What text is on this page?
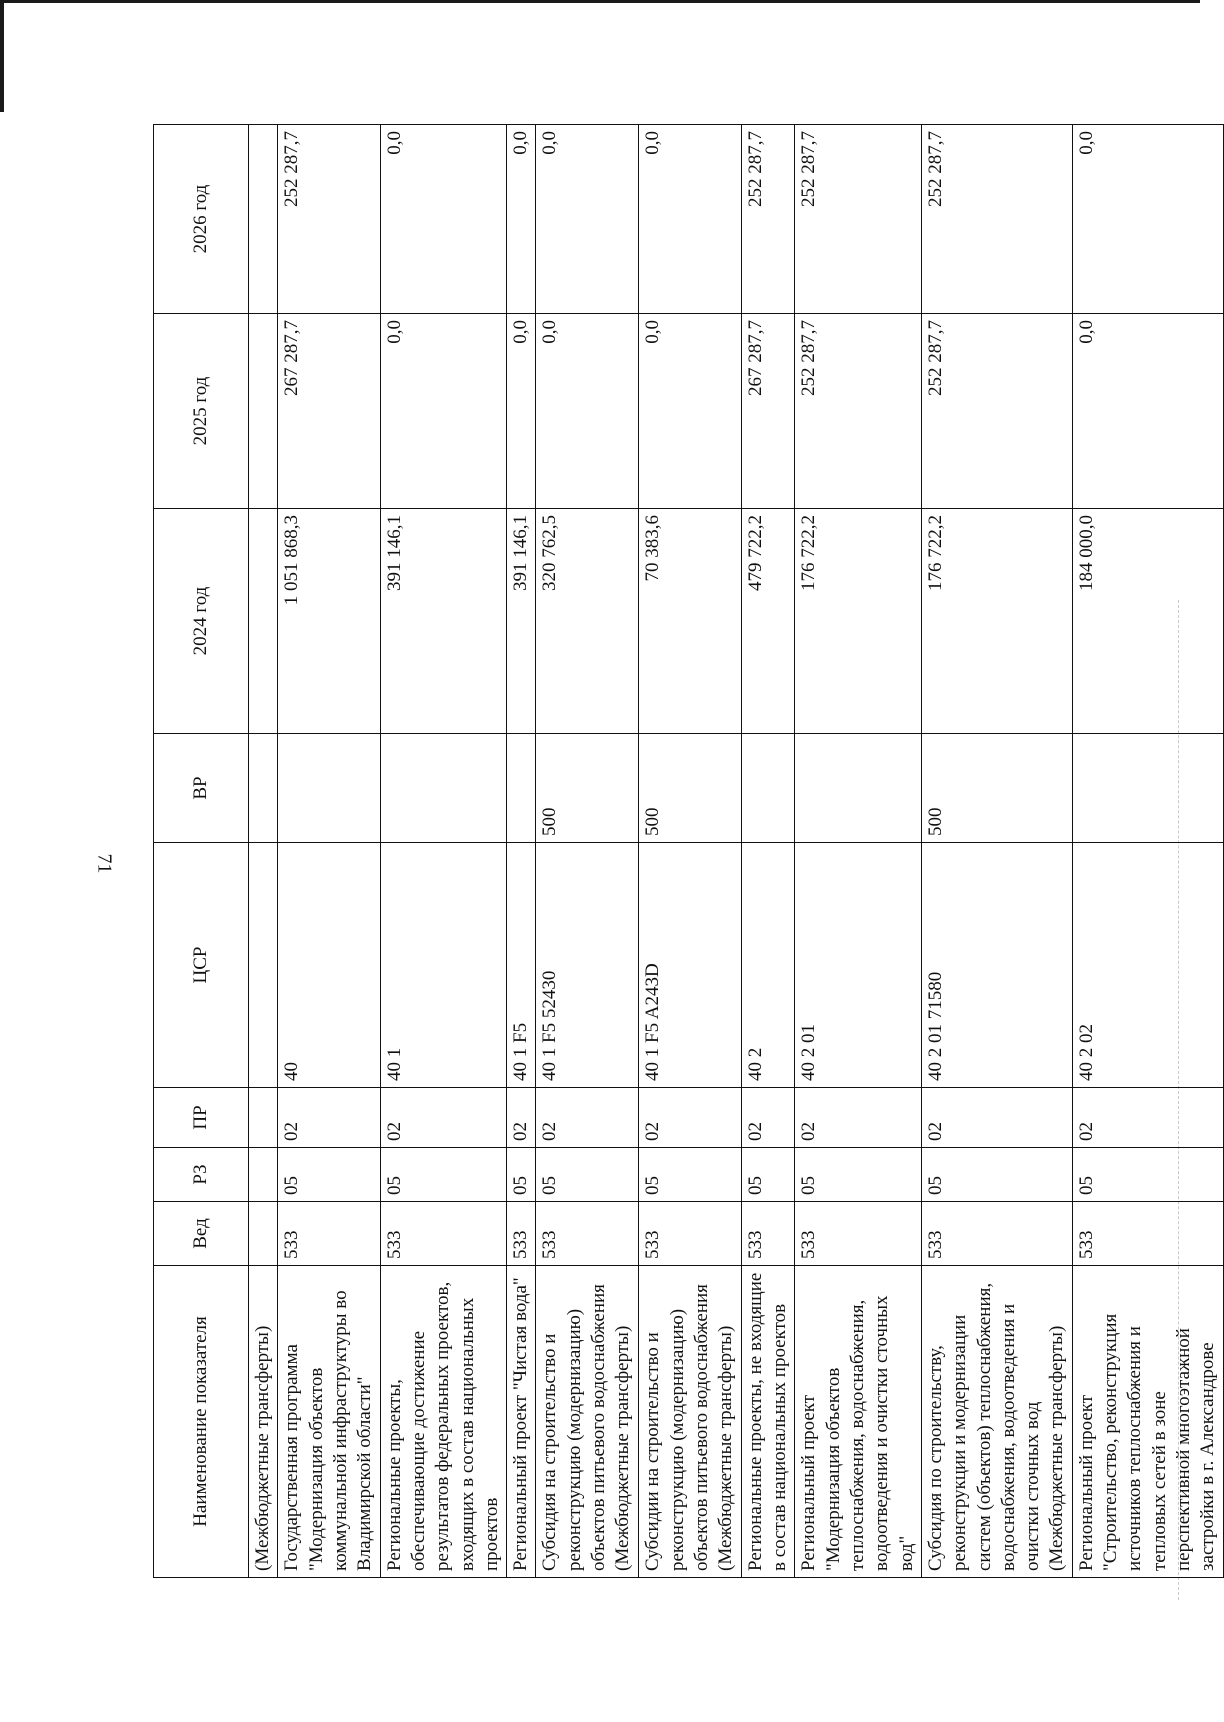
71
Наименование показателя	Вед	РЗ	ПР	ЦСР	ВР	2024 год	2025 год	2026 год
(Межбюджетные трансферты)								
Государственная программа "Модернизация объектов коммунальной инфраструктуры во Владимирской области"	533	05	02	40		1 051 868,3	267 287,7	252 287,7
Региональные проекты, обеспечивающие достижение результатов федеральных проектов, входящих в состав национальных проектов	533	05	02	40 1		391 146,1	0,0	0,0
Региональный проект "Чистая вода"	533	05	02	40 1 F5		391 146,1	0,0	0,0
Субсидия на строительство и реконструкцию (модернизацию) объектов питьевого водоснабжения (Межбюджетные трансферты)	533	05	02	40 1 F5 52430	500	320 762,5	0,0	0,0
Субсидии на строительство и реконструкцию (модернизацию) объектов питьевого водоснабжения (Межбюджетные трансферты)	533	05	02	40 1 F5 A243D	500	70 383,6	0,0	0,0
Региональные проекты, не входящие в состав национальных проектов	533	05	02	40 2		479 722,2	267 287,7	252 287,7
Региональный проект "Модернизация объектов теплоснабжения, водоснабжения, водоотведения и очистки сточных вод"	533	05	02	40 2 01		176 722,2	252 287,7	252 287,7
Субсидия по строительству, реконструкции и модернизации систем (объектов) теплоснабжения, водоснабжения, водоотведения и очистки сточных вод (Межбюджетные трансферты)	533	05	02	40 2 01 71580	500	176 722,2	252 287,7	252 287,7
Региональный проект "Строительство, реконструкция источников теплоснабжения и тепловых сетей в зоне перспективной многоэтажной застройки в г. Александрове	533	05	02	40 2 02		184 000,0	0,0	0,0
